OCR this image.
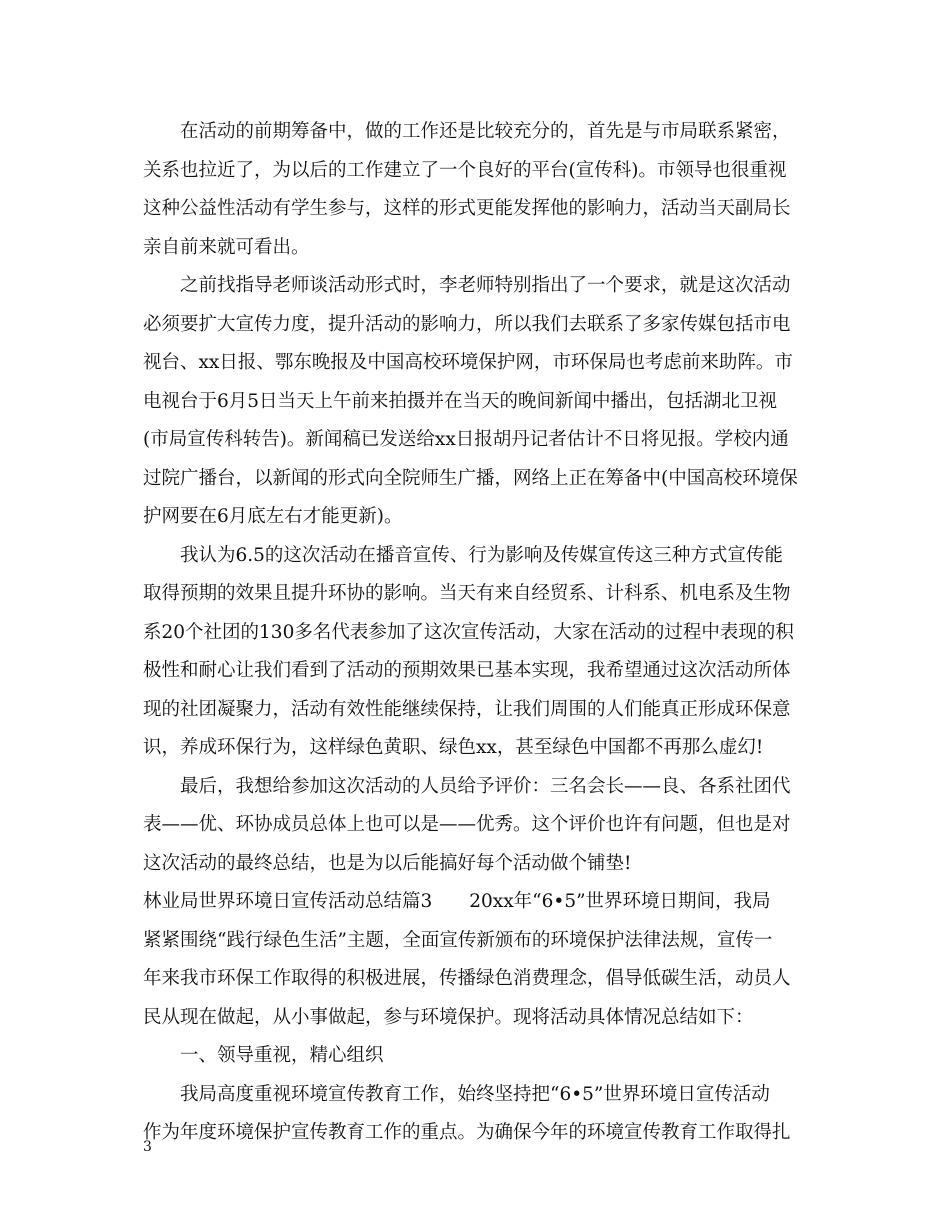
在活动的前期筹备中，做的工作还是比较充分的，首先是与市局联系紧密，
关系也拉近了，为以后的工作建立了一个良好的平台(宣传科)。市领导也很重视
这种公益性活动有学生参与，这样的形式更能发挥他的影响力，活动当天副局长
亲自前来就可看出。
之前找指导老师谈活动形式时，李老师特别指出了一个要求，就是这次活动
必须要扩大宣传力度，提升活动的影响力，所以我们去联系了多家传媒包括市电
视台、xx日报、鄂东晚报及中国高校环境保护网，市环保局也考虑前来助阵。市
电视台于6月5日当天上午前来拍摄并在当天的晚间新闻中播出，包括湖北卫视
(市局宣传科转告)。新闻稿已发送给xx日报胡丹记者估计不日将见报。学校内通
过院广播台，以新闻的形式向全院师生广播，网络上正在筹备中(中国高校环境保
护网要在6月底左右才能更新)。
我认为6.5的这次活动在播音宣传、行为影响及传媒宣传这三种方式宣传能
取得预期的效果且提升环协的影响。当天有来自经贸系、计科系、机电系及生物
系20个社团的130多名代表参加了这次宣传活动，大家在活动的过程中表现的积
极性和耐心让我们看到了活动的预期效果已基本实现，我希望通过这次活动所体
现的社团凝聚力，活动有效性能继续保持，让我们周围的人们能真正形成环保意
识，养成环保行为，这样绿色黄职、绿色xx，甚至绿色中国都不再那么虚幻!
最后，我想给参加这次活动的人员给予评价：三名会长——良、各系社团代
表——优、环协成员总体上也可以是——优秀。这个评价也许有问题，但也是对
这次活动的最终总结，也是为以后能搞好每个活动做个铺垫!
林业局世界环境日宣传活动总结篇3　　20xx年“6•5”世界环境日期间，我局
紧紧围绕“践行绿色生活”主题，全面宣传新颁布的环境保护法律法规，宣传一
年来我市环保工作取得的积极进展，传播绿色消费理念，倡导低碳生活，动员人
民从现在做起，从小事做起，参与环境保护。现将活动具体情况总结如下：
一、领导重视，精心组织
我局高度重视环境宣传教育工作，始终坚持把“6•5”世界环境日宣传活动
作为年度环境保护宣传教育工作的重点。为确保今年的环境宣传教育工作取得扎
3
